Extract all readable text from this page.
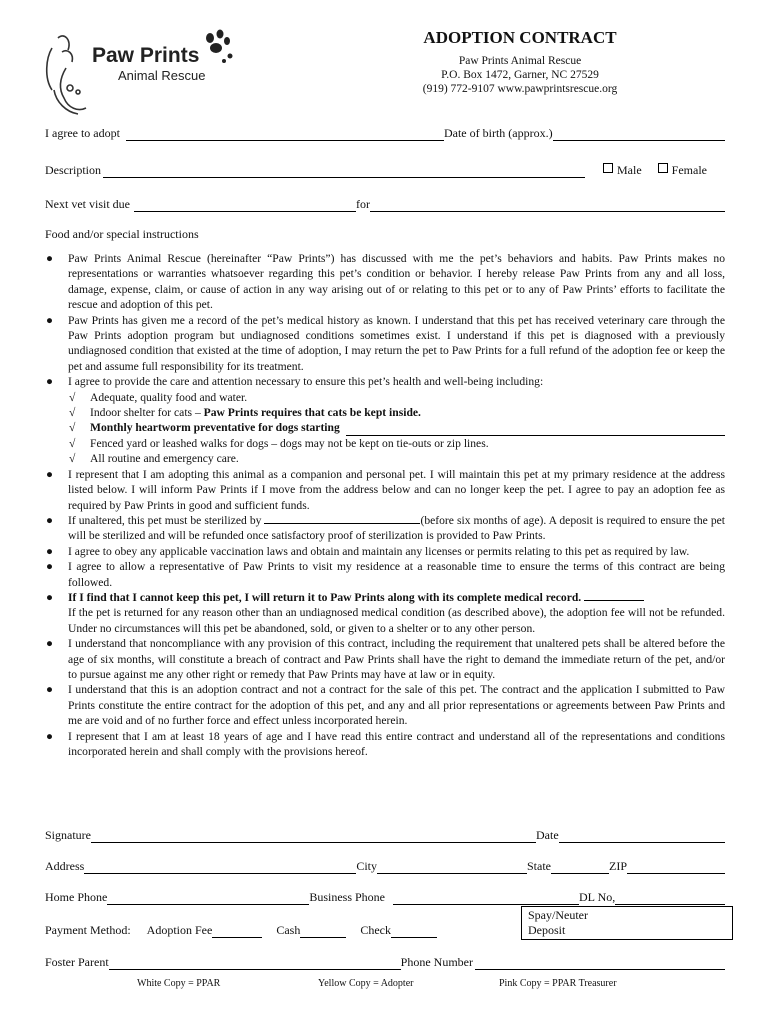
Paw Prints
Animal Rescue
ADOPTION CONTRACT
Paw Prints Animal Rescue
P.O. Box 1472, Garner, NC 27529
(919) 772-9107 www.pawprintsrescue.org
I agree to adopt	Date of birth (approx.)
Description	Male	Female
Next vet visit due	for
Food and/or special instructions
● Paw Prints Animal Rescue (hereinafter “Paw Prints”) has discussed with me the pet’s behaviors and habits. Paw Prints makes no representations or warranties whatsoever regarding this pet’s condition or behavior. I hereby release Paw Prints from any and all loss, damage, expense, claim, or cause of action in any way arising out of or relating to this pet or to any of Paw Prints’ efforts to facilitate the rescue and adoption of this pet.
● Paw Prints has given me a record of the pet’s medical history as known. I understand that this pet has received veterinary care through the Paw Prints adoption program but undiagnosed conditions sometimes exist. I understand if this pet is diagnosed with a previously undiagnosed condition that existed at the time of adoption, I may return the pet to Paw Prints for a full refund of the adoption fee or keep the pet and assume full responsibility for its treatment.
● I agree to provide the care and attention necessary to ensure this pet’s health and well-being including:
√ Adequate, quality food and water.
√ Indoor shelter for cats – Paw Prints requires that cats be kept inside.
√ Monthly heartworm preventative for dogs starting
√ Fenced yard or leashed walks for dogs – dogs may not be kept on tie-outs or zip lines.
√ All routine and emergency care.
● I represent that I am adopting this animal as a companion and personal pet. I will maintain this pet at my primary residence at the address listed below. I will inform Paw Prints if I move from the address below and can no longer keep the pet. I agree to pay an adoption fee as required by Paw Prints in good and sufficient funds.
● If unaltered, this pet must be sterilized by	(before six months of age). A deposit is required to ensure the pet will be sterilized and will be refunded once satisfactory proof of sterilization is provided to Paw Prints.
● I agree to obey any applicable vaccination laws and obtain and maintain any licenses or permits relating to this pet as required by law.
● I agree to allow a representative of Paw Prints to visit my residence at a reasonable time to ensure the terms of this contract are being followed.
● If I find that I cannot keep this pet, I will return it to Paw Prints along with its complete medical record.
If the pet is returned for any reason other than an undiagnosed medical condition (as described above), the adoption fee will not be refunded. Under no circumstances will this pet be abandoned, sold, or given to a shelter or to any other person.
● I understand that noncompliance with any provision of this contract, including the requirement that unaltered pets shall be altered before the age of six months, will constitute a breach of contract and Paw Prints shall have the right to demand the immediate return of the pet, and/or to pursue against me any other right or remedy that Paw Prints may have at law or in equity.
● I understand that this is an adoption contract and not a contract for the sale of this pet. The contract and the application I submitted to Paw Prints constitute the entire contract for the adoption of this pet, and any and all prior representations or agreements between Paw Prints and me are void and of no further force and effect unless incorporated herein.
● I represent that I am at least 18 years of age and I have read this entire contract and understand all of the representations and conditions incorporated herein and shall comply with the provisions hereof.
Signature	Date
Address	City	State	ZIP
Home Phone	Business Phone	DL No,
Payment Method: Adoption Fee	Cash	Check
Spay/Neuter
Deposit
Foster Parent	Phone Number
White Copy = PPAR	Yellow Copy = Adopter	Pink Copy = PPAR Treasurer
